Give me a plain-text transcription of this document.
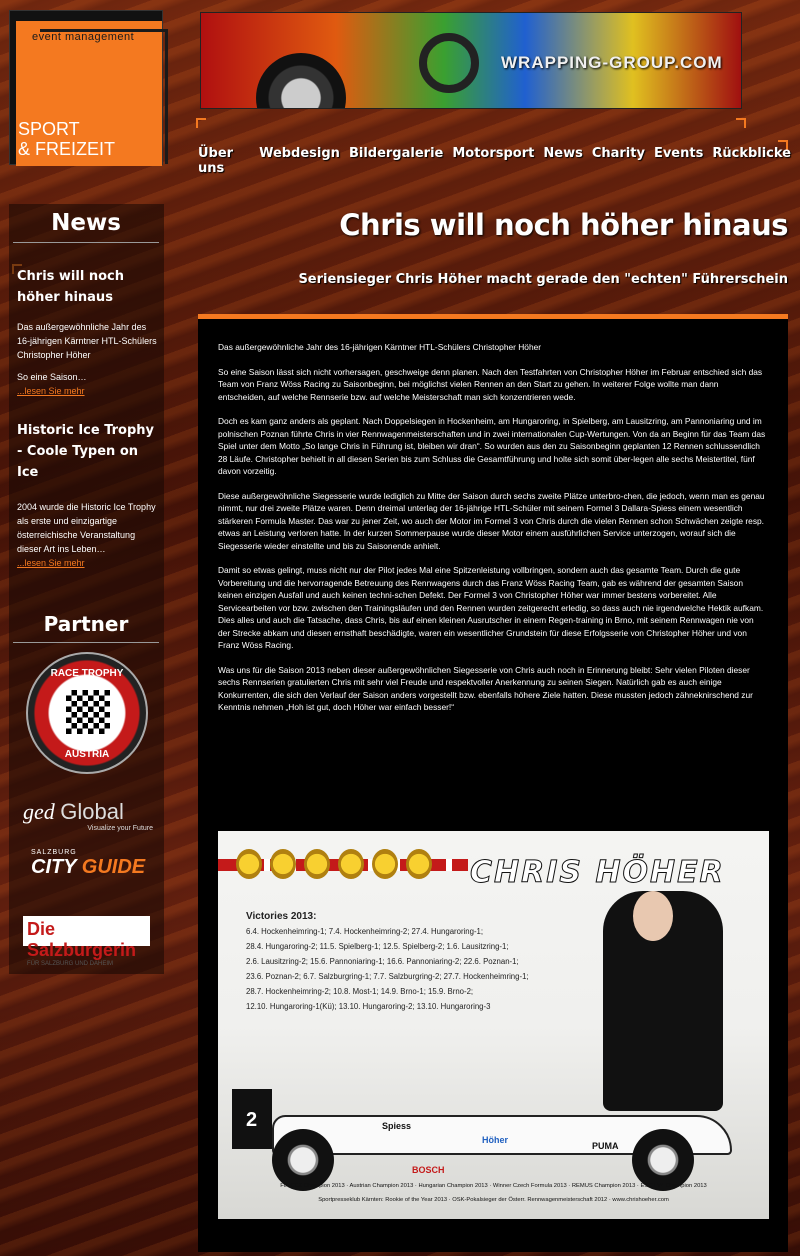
event management
SPORT
& FREIZEIT
WRAPPING-GROUP.COM
Über uns
Webdesign Bildergalerie Motorsport News Charity Events Rückblicke
News
Chris will noch höher hinaus
Das außergewöhnliche Jahr des 16-jährigen Kärntner HTL-Schülers Christopher Höher
So eine Saison…
...lesen Sie mehr
Historic Ice Trophy - Coole Typen on Ice
2004 wurde die Historic Ice Trophy als erste und einzigartige österreichische Veranstaltung dieser Art ins Leben…
...lesen Sie mehr
Partner
RACE TROPHY
AUSTRIA
ged Global
Visualize your Future
SALZBURG
CITY GUIDE
Die Salzburgerin
FÜR SALZBURG UND DAHEIM
Chris will noch höher hinaus
Seriensieger Chris Höher macht gerade den "echten" Führerschein

Das außergewöhnliche Jahr des 16-jährigen Kärntner HTL-Schülers Christopher Höher

So eine Saison lässt sich nicht vorhersagen, geschweige denn planen. Nach den Testfahrten von Christopher Höher im Februar entschied sich das Team von Franz Wöss Racing zu Saisonbeginn, bei möglichst vielen Rennen an den Start zu gehen. In weiterer Folge wollte man dann entscheiden, auf welche Rennserie bzw. auf welche Meisterschaft man sich konzentrieren wede.

Doch es kam ganz anders als geplant. Nach Doppelsiegen in Hockenheim, am Hungaroring, in Spielberg, am Lausitzring, am Pannoniaring und im polnischen Poznan führte Chris in vier Rennwagenmeisterschaften und in zwei internationalen Cup-Wertungen. Von da an Beginn für das Team das Spiel unter dem Motto „So lange Chris in Führung ist, bleiben wir dran“. So wurden aus den zu Saisonbeginn geplanten 12 Rennen schlussendlich 28 Läufe. Christopher behielt in all diesen Serien bis zum Schluss die Gesamtführung und holte sich somit über-legen alle sechs Meistertitel, fünf davon vorzeitig.

Diese außergewöhnliche Siegesserie wurde lediglich zu Mitte der Saison durch sechs zweite Plätze unterbro-chen, die jedoch, wenn man es genau nimmt, nur drei zweite Plätze waren. Denn dreimal unterlag der 16-jährige HTL-Schüler mit seinem Formel 3 Dallara-Spiess einem wesentlich stärkeren Formula Master. Das war zu jener Zeit, wo auch der Motor im Formel 3 von Chris durch die vielen Rennen schon Schwächen zeigte resp. etwas an Leistung verloren hatte. In der kurzen Sommerpause wurde dieser Motor einem ausführlichen Service unterzogen, worauf sich die Siegesserie wieder einstellte und bis zu Saisonende anhielt.

Damit so etwas gelingt, muss nicht nur der Pilot jedes Mal eine Spitzenleistung vollbringen, sondern auch das gesamte Team. Durch die gute Vorbereitung und die hervorragende Betreuung des Rennwagens durch das Franz Wöss Racing Team, gab es während der gesamten Saison keinen einzigen Ausfall und auch keinen techni-schen Defekt. Der Formel 3 von Christopher Höher war immer bestens vorbereitet. Alle Servicearbeiten vor bzw. zwischen den Trainingsläufen und den Rennen wurden zeitgerecht erledig, so dass auch nie irgendwelche Hektik aufkam. Dies alles und auch die Tatsache, dass Chris, bis auf einen kleinen Ausrutscher in einem Regen-training in Brno, mit seinem Rennwagen nie von der Strecke abkam und diesen ernsthaft beschädigte, waren ein wesentlicher Grundstein für diese Erfolgsserie von Christopher Höher und von Franz Wöss Racing.

Was uns für die Saison 2013 neben dieser außergewöhnlichen Siegesserie von Chris auch noch in Erinnerung bleibt: Sehr vielen Piloten dieser sechs Rennserien gratulierten Chris mit sehr viel Freude und respektvoller Anerkennung zu seinen Siegen. Natürlich gab es auch einige Konkurrenten, die sich den Verlauf der Saison anders vorgestellt bzw. ebenfalls höhere Ziele hatten. Diese mussten jedoch zähneknirschend zur Kenntnis nehmen „Hoh ist gut, doch Höher war einfach besser!“

CHRIS HÖHER
Victories 2013:
6.4. Hockenheimring-1; 7.4. Hockenheimring-2; 27.4. Hungaroring-1;
28.4. Hungaroring-2; 11.5. Spielberg-1; 12.5. Spielberg-2; 1.6. Lausitzring-1;
2.6. Lausitzring-2; 15.6. Pannoniaring-1; 16.6. Pannoniaring-2; 22.6. Poznan-1;
23.6. Poznan-2; 6.7. Salzburgring-1; 7.7. Salzburgring-2; 27.7. Hockenheimring-1;
28.7. Hockenheimring-2; 10.8. Most-1; 14.9. Brno-1; 15.9. Brno-2;
12.10. Hungaroring-1(Kü); 13.10. Hungaroring-2; 13.10. Hungaroring-3
2	Spiess
Höher
PUMA
BOSCH
FIA CEZ Champion 2013 · Austrian Champion 2013 · Hungarian Champion 2013 · Winner Czech Formula 2013 · REMUS Champion 2013 · ESET V4 Champion 2013
Sportpresseklub Kärnten: Rookie of the Year 2013 · OSK-Pokalsieger der Österr. Rennwagenmeisterschaft 2012 · www.chrishoeher.com
